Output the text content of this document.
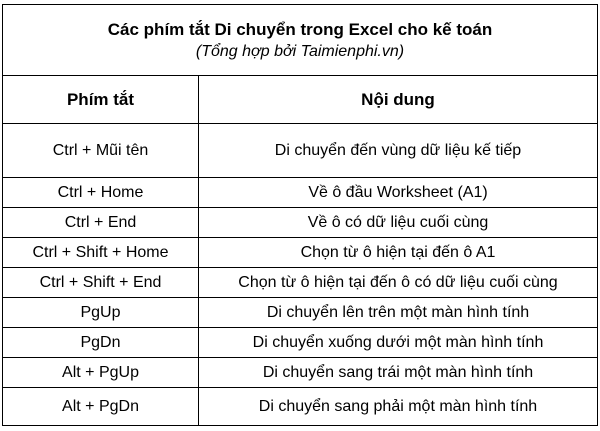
Các phím tắt Di chuyển trong Excel cho kế toán
(Tổng hợp bởi Taimienphi.vn)	

Phím tắt	Nội dung
Ctrl + Mũi tên	Di chuyển đến vùng dữ liệu kế tiếp
Ctrl + Home	Về ô đầu Worksheet (A1)
Ctrl + End	Về ô có dữ liệu cuối cùng
Ctrl + Shift + Home	Chọn từ ô hiện tại đến ô A1
Ctrl + Shift + End	Chọn từ ô hiện tại đến ô có dữ liệu cuối cùng
PgUp	Di chuyển lên trên một màn hình tính
PgDn	Di chuyển xuống dưới một màn hình tính
Alt + PgUp	Di chuyển sang trái một màn hình tính
Alt + PgDn	Di chuyển sang phải một màn hình tính
